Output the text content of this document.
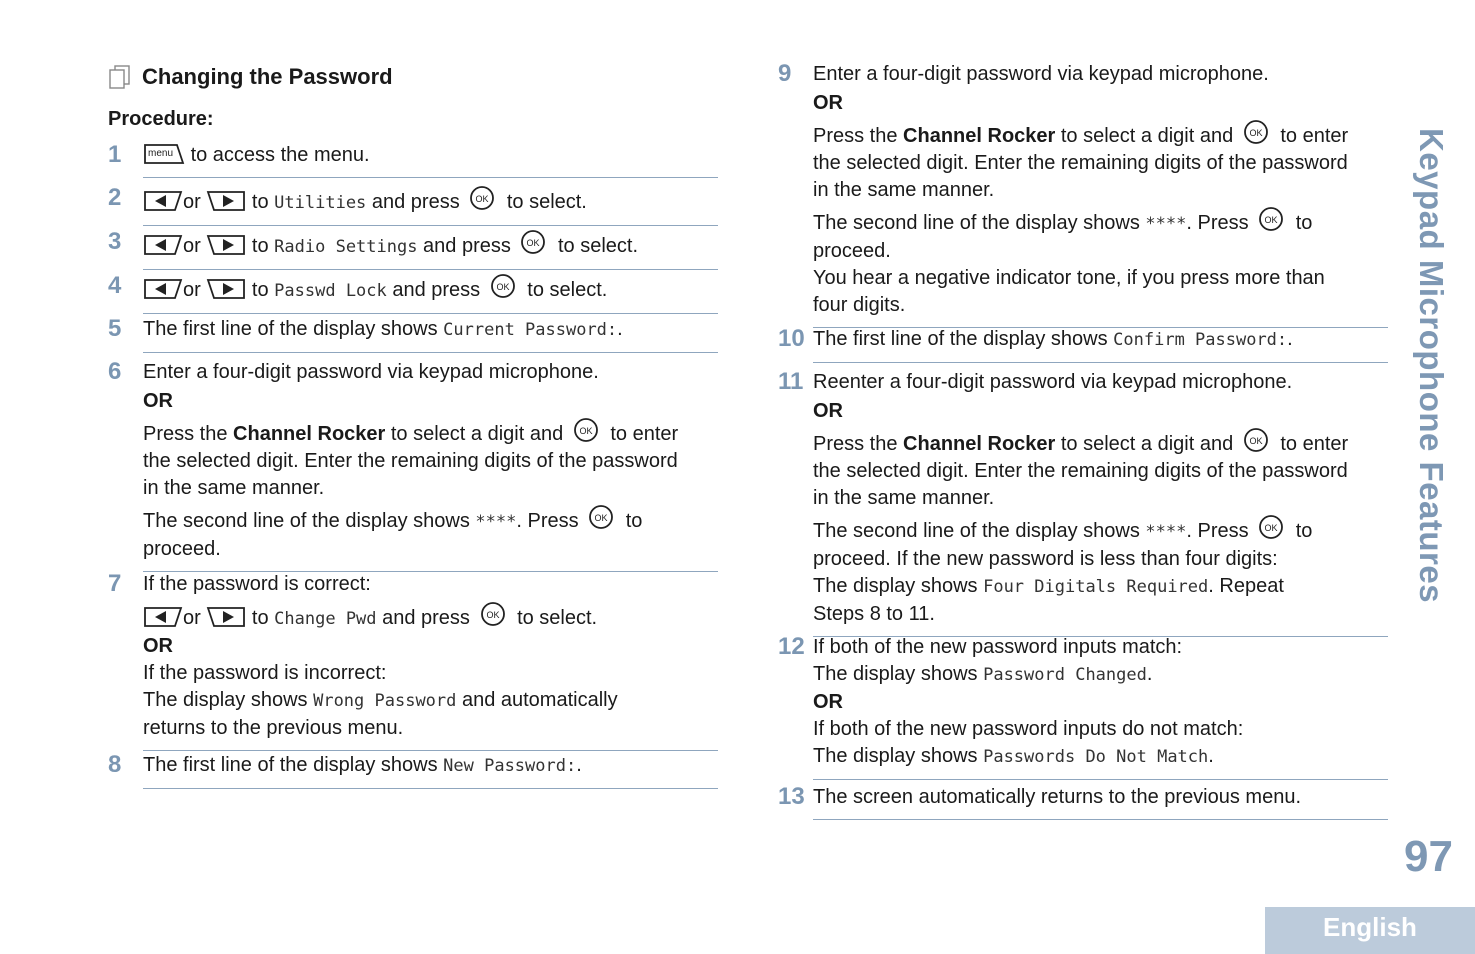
Changing the Password
Procedure:
1	menu to access the menu.
2	or	to Utilities and press OK to select.
3	or	to Radio Settings and press OK to select.
4	or	to Passwd Lock and press OK to select.
5	The first line of the display shows Current Password:.
6	Enter a four-digit password via keypad microphone.
OR
Press the Channel Rocker to select a digit and OK to enter
the selected digit. Enter the remaining digits of the password
in the same manner.
The second line of the display shows ****. Press OK to
proceed.
7	If the password is correct:
or	to Change Pwd and press OK to select.
OR
If the password is incorrect:
The display shows Wrong Password and automatically
returns to the previous menu.
8	The first line of the display shows New Password:.
9	Enter a four-digit password via keypad microphone.
OR
Press the Channel Rocker to select a digit and OK to enter
the selected digit. Enter the remaining digits of the password
in the same manner.
The second line of the display shows ****. Press OK to
proceed.
You hear a negative indicator tone, if you press more than
four digits.
10 The first line of the display shows Confirm Password:.
11 Reenter a four-digit password via keypad microphone.
OR
Press the Channel Rocker to select a digit and OK to enter
the selected digit. Enter the remaining digits of the password
in the same manner.
The second line of the display shows ****. Press OK to
proceed. If the new password is less than four digits:
The display shows Four Digitals Required. Repeat
Steps 8 to 11.
12 If both of the new password inputs match:
The display shows Password Changed.
OR
If both of the new password inputs do not match:
The display shows Passwords Do Not Match.
13 The screen automatically returns to the previous menu.
Keypad Microphone Features
97
English
